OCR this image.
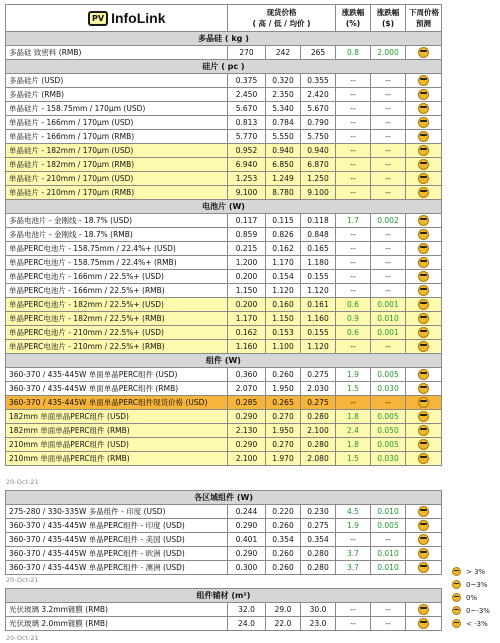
PV InfoLink	现货价格
( 高 / 低 / 均价 )			涨跌幅
(%)	涨跌幅
($)	下周价格
预测
多晶硅 ( kg )						
多晶硅 致密料 (RMB)	270	242	265	0.8	2.000	
硅片 ( pc )						
多晶硅片 (USD)	0.375	0.320	0.355	--	--	
多晶硅片 (RMB)	2.450	2.350	2.420	--	--	
单晶硅片 - 158.75mm / 170μm (USD)	5.670	5.340	5.670	--	--	
单晶硅片 - 166mm / 170μm (USD)	0.813	0.784	0.790	--	--	
单晶硅片 - 166mm / 170μm (RMB)	5.770	5.550	5.750	--	--	
单晶硅片 - 182mm / 170μm (USD)	0.952	0.940	0.940	--	--	
单晶硅片 - 182mm / 170μm (RMB)	6.940	6.850	6.870	--	--	
单晶硅片 - 210mm / 170μm (USD)	1.253	1.249	1.250	--	--	
单晶硅片 - 210mm / 170μm (RMB)	9.100	8.780	9.100	--	--	
电池片 (W)						
多晶电池片 - 金刚线 - 18.7% (USD)	0.117	0.115	0.118	1.7	0.002	
多晶电池片 - 金刚线 - 18.7% (RMB)	0.859	0.826	0.848	--	--	
单晶PERC电池片 - 158.75mm / 22.4%+ (USD)	0.215	0.162	0.165	--	--	
单晶PERC电池片 - 158.75mm / 22.4%+ (RMB)	1.200	1.170	1.180	--	--	
单晶PERC电池片 - 166mm / 22.5%+ (USD)	0.200	0.154	0.155	--	--	
单晶PERC电池片 - 166mm / 22.5%+ (RMB)	1.150	1.120	1.120	--	--	
单晶PERC电池片 - 182mm / 22.5%+ (USD)	0.200	0.160	0.161	0.6	0.001	
单晶PERC电池片 - 182mm / 22.5%+ (RMB)	1.170	1.150	1.160	0.9	0.010	
单晶PERC电池片 - 210mm / 22.5%+ (USD)	0.162	0.153	0.155	0.6	0.001	
单晶PERC电池片 - 210mm / 22.5%+ (RMB)	1.160	1.100	1.120	--	--	
组件 (W)						
360-370 / 435-445W 单面单晶PERC组件 (USD)	0.360	0.260	0.275	1.9	0.005	
360-370 / 435-445W 单面单晶PERC组件 (RMB)	2.070	1.950	2.030	1.5	0.030	
360-370 / 435-445W 单面单晶PERC组件现货价格 (USD)	0.285	0.265	0.275	--	--	
182mm 单面单晶PERC组件 (USD)	0.290	0.270	0.280	1.8	0.005	
182mm 单面单晶PERC组件 (RMB)	2.130	1.950	2.100	2.4	0.050	
210mm 单面单晶PERC组件 (USD)	0.290	0.270	0.280	1.8	0.005	
210mm 单面单晶PERC组件 (RMB)	2.100	1.970	2.080	1.5	0.030	
20-Oct-21
各区域组件 (W)						
275-280 / 330-335W 多晶组件 - 印度 (USD)	0.244	0.220	0.230	4.5	0.010	
360-370 / 435-445W 单晶PERC组件 - 印度 (USD)	0.290	0.260	0.275	1.9	0.005	
360-370 / 435-445W 单晶PERC组件 - 美国 (USD)	0.401	0.354	0.354	--	--	
360-370 / 435-445W 单晶PERC组件 - 欧洲 (USD)	0.290	0.260	0.280	3.7	0.010	
360-370 / 435-445W 单晶PERC组件 - 澳洲 (USD)	0.300	0.260	0.280	3.7	0.010	
20-Oct-21
组件辅材 (m²)						
光伏玻璃 3.2mm镀膜 (RMB)	32.0	29.0	30.0	--	--	
光伏玻璃 2.0mm镀膜 (RMB)	24.0	22.0	23.0	--	--	
20-Oct-21
> 3%
0~3%
0%
0~-3%
< -3%
